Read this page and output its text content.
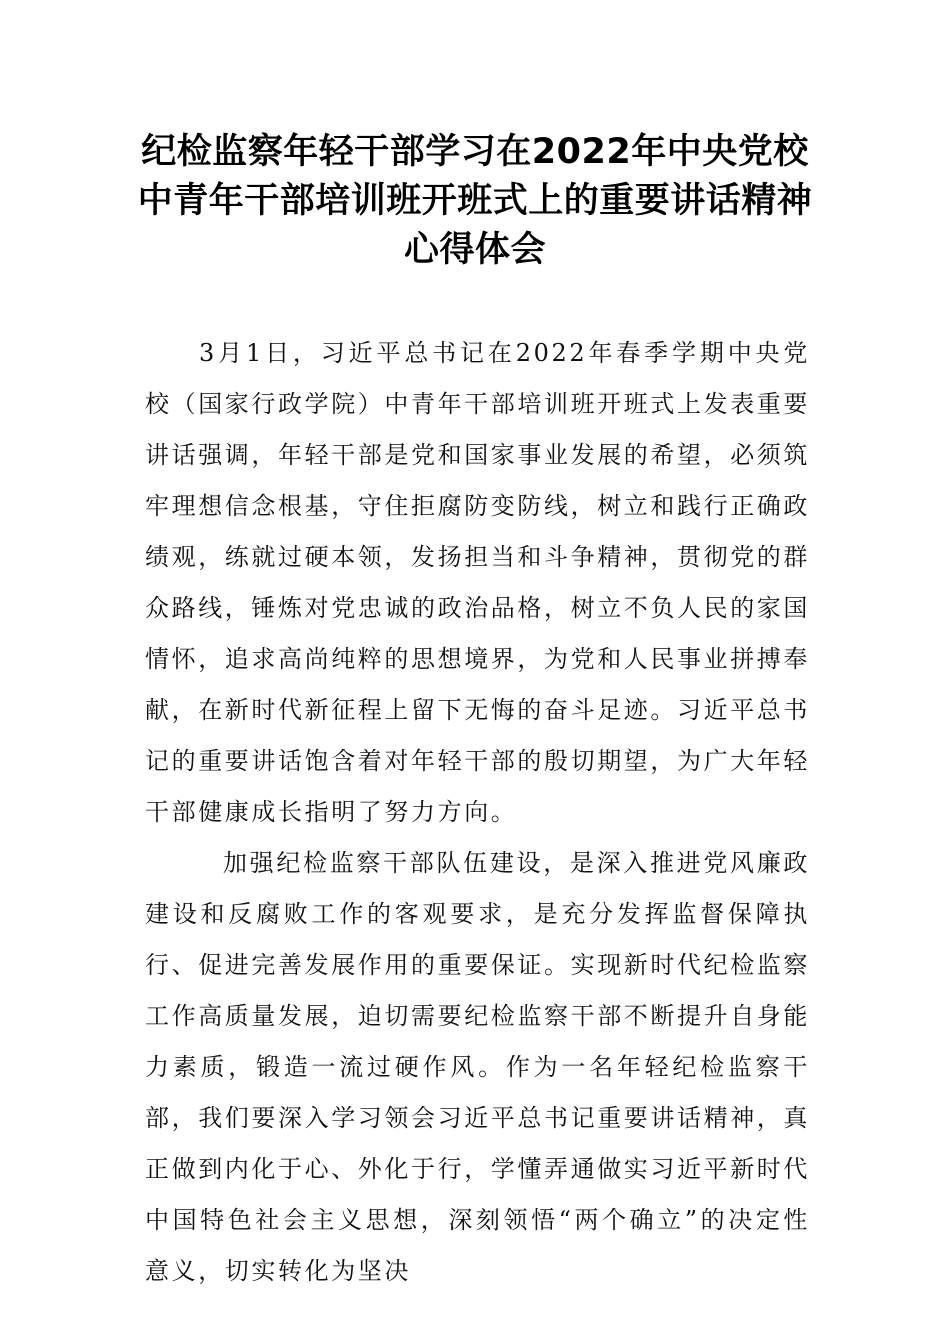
纪检监察年轻干部学习在2022年中央党校中青年干部培训班开班式上的重要讲话精神心得体会

3月1日，习近平总书记在2022年春季学期中央党校（国家行政学院）中青年干部培训班开班式上发表重要讲话强调，年轻干部是党和国家事业发展的希望，必须筑牢理想信念根基，守住拒腐防变防线，树立和践行正确政绩观，练就过硬本领，发扬担当和斗争精神，贯彻党的群众路线，锤炼对党忠诚的政治品格，树立不负人民的家国情怀，追求高尚纯粹的思想境界，为党和人民事业拼搏奉献，在新时代新征程上留下无悔的奋斗足迹。习近平总书记的重要讲话饱含着对年轻干部的殷切期望，为广大年轻干部健康成长指明了努力方向。

加强纪检监察干部队伍建设，是深入推进党风廉政建设和反腐败工作的客观要求，是充分发挥监督保障执行、促进完善发展作用的重要保证。实现新时代纪检监察工作高质量发展，迫切需要纪检监察干部不断提升自身能力素质，锻造一流过硬作风。作为一名年轻纪检监察干部，我们要深入学习领会习近平总书记重要讲话精神，真正做到内化于心、外化于行，学懂弄通做实习近平新时代中国特色社会主义思想，深刻领悟“两个确立”的决定性意义，切实转化为坚决
